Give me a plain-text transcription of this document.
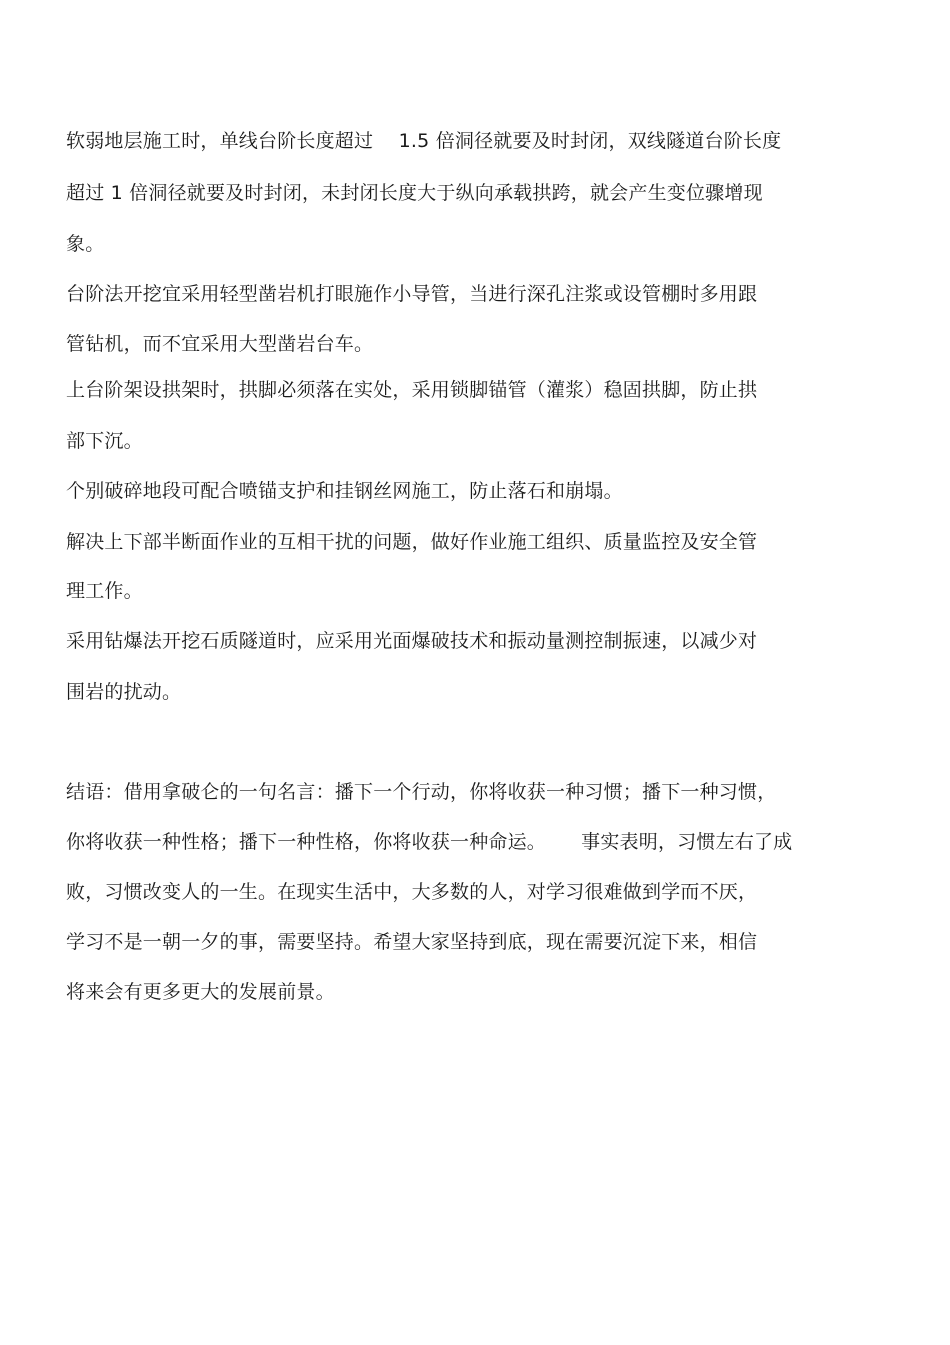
软弱地层施工时，单线台阶长度超过　 1.5 倍洞径就要及时封闭，双线隧道台阶长度
超过 1 倍洞径就要及时封闭，未封闭长度大于纵向承载拱跨，就会产生变位骤增现
象。
台阶法开挖宜采用轻型凿岩机打眼施作小导管，当进行深孔注浆或设管棚时多用跟
管钻机，而不宜采用大型凿岩台车。
上台阶架设拱架时，拱脚必须落在实处，采用锁脚锚管（灌浆）稳固拱脚，防止拱
部下沉。
个别破碎地段可配合喷锚支护和挂钢丝网施工，防止落石和崩塌。
解决上下部半断面作业的互相干扰的问题，做好作业施工组织、质量监控及安全管
理工作。
采用钻爆法开挖石质隧道时，应采用光面爆破技术和振动量测控制振速，以减少对
围岩的扰动。
结语：借用拿破仑的一句名言：播下一个行动，你将收获一种习惯；播下一种习惯，
你将收获一种性格；播下一种性格，你将收获一种命运。　　 事实表明，习惯左右了成
败，习惯改变人的一生。在现实生活中，大多数的人，对学习很难做到学而不厌，
学习不是一朝一夕的事，需要坚持。希望大家坚持到底，现在需要沉淀下来，相信
将来会有更多更大的发展前景。
